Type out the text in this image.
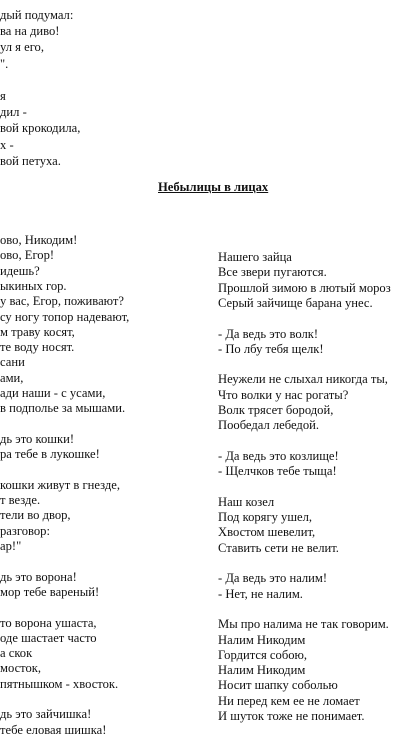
дый подумал:
ва на диво!
ул я его,
".
я
дил -
вой крокодила,
х -
вой петуха.
Небылицы в лицах
ово, Никодим!
ово, Егор!
идешь?
ыкиных гор.
у вас, Егор, поживают?
су ногу топор надевают,
м траву косят,
те воду носят.
сани
ами,
ади наши - с усами,
в подполье за мышами.
дь это кошки!
ра тебе в лукошке!
кошки живут в гнезде,
т везде.
тели во двор,
разговор:
ар!"
дь это ворона!
мор тебе вареный!
то ворона ушаста,
оде шастает часто
а скок
мосток,
пятнышком - хвосток.
дь это зайчишка!
тебе еловая шишка!
Нашего зайца
Все звери пугаются.
Прошлой зимою в лютый мороз
Серый зайчище барана унес.
- Да ведь это волк!
- По лбу тебя щелк!
Неужели не слыхал никогда ты,
Что волки у нас рогаты?
Волк трясет бородой,
Пообедал лебедой.
- Да ведь это козлище!
- Щелчков тебе тыща!
Наш козел
Под корягу ушел,
Хвостом шевелит,
Ставить сети не велит.
- Да ведь это налим!
- Нет, не налим.
Мы про налима не так говорим.
Налим Никодим
Гордится собою,
Налим Никодим
Носит шапку соболью
Ни перед кем ее не ломает
И шуток тоже не понимает.
